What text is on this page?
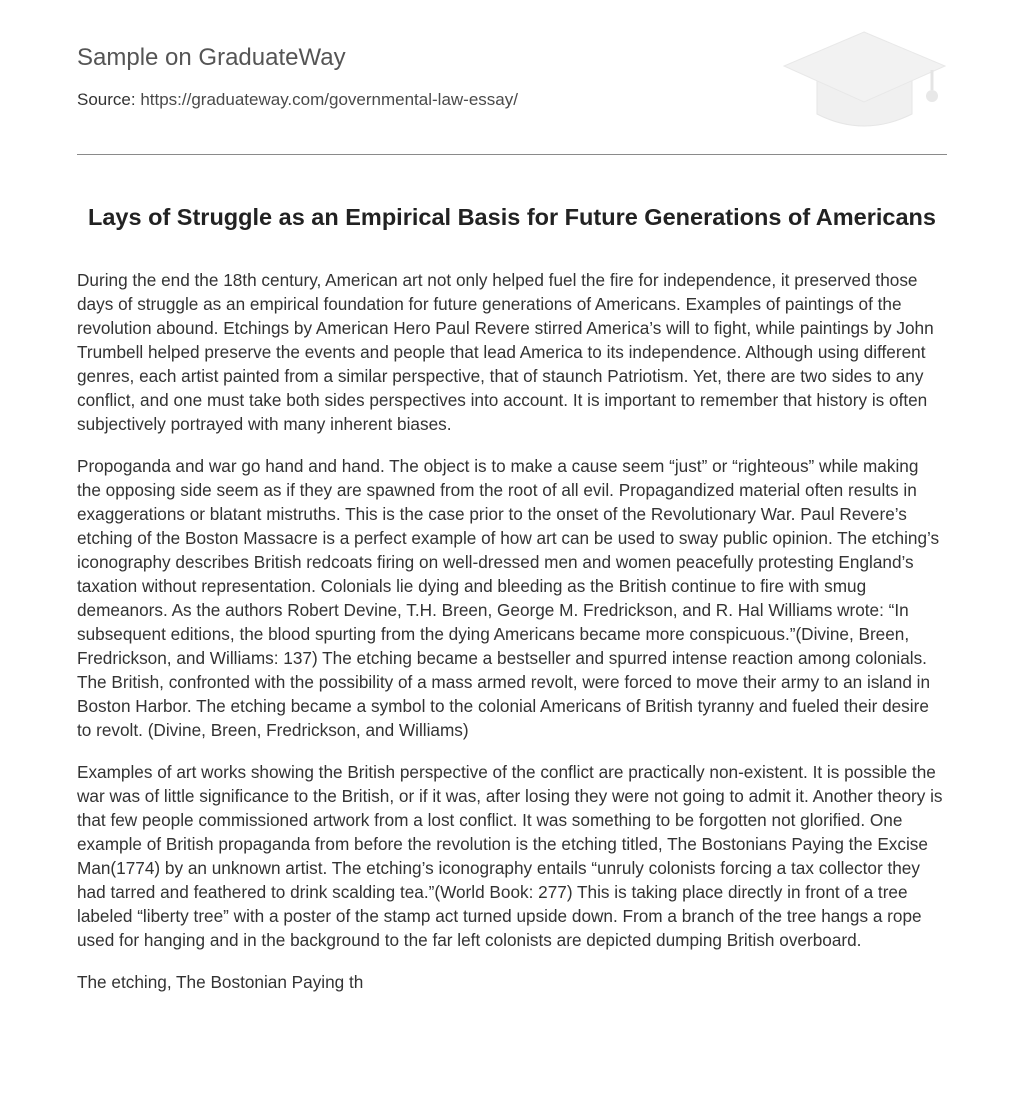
Sample on GraduateWay
Source: https://graduateway.com/governmental-law-essay/
Lays of Struggle as an Empirical Basis for Future Generations of Americans

During the end the 18th century, American art not only helped fuel the fire for independence, it preserved those days of struggle as an empirical foundation for future generations of Americans. Examples of paintings of the revolution abound. Etchings by American Hero Paul Revere stirred America’s will to fight, while paintings by John Trumbell helped preserve the events and people that lead America to its independence. Although using different genres, each artist painted from a similar perspective, that of staunch Patriotism. Yet, there are two sides to any conflict, and one must take both sides perspectives into account. It is important to remember that history is often subjectively portrayed with many inherent biases.

Propoganda and war go hand and hand. The object is to make a cause seem “just” or “righteous” while making the opposing side seem as if they are spawned from the root of all evil. Propagandized material often results in exaggerations or blatant mistruths. This is the case prior to the onset of the Revolutionary War. Paul Revere’s etching of the Boston Massacre is a perfect example of how art can be used to sway public opinion. The etching’s iconography describes British redcoats firing on well-dressed men and women peacefully protesting England’s taxation without representation. Colonials lie dying and bleeding as the British continue to fire with smug demeanors. As the authors Robert Devine, T.H. Breen, George M. Fredrickson, and R. Hal Williams wrote: “In subsequent editions, the blood spurting from the dying Americans became more conspicuous.”(Divine, Breen, Fredrickson, and Williams: 137) The etching became a bestseller and spurred intense reaction among colonials. The British, confronted with the possibility of a mass armed revolt, were forced to move their army to an island in Boston Harbor. The etching became a symbol to the colonial Americans of British tyranny and fueled their desire to revolt. (Divine, Breen, Fredrickson, and Williams)

Examples of art works showing the British perspective of the conflict are practically non-existent. It is possible the war was of little significance to the British, or if it was, after losing they were not going to admit it. Another theory is that few people commissioned artwork from a lost conflict. It was something to be forgotten not glorified. One example of British propaganda from before the revolution is the etching titled, The Bostonians Paying the Excise Man(1774) by an unknown artist. The etching’s iconography entails “unruly colonists forcing a tax collector they had tarred and feathered to drink scalding tea.”(World Book: 277) This is taking place directly in front of a tree labeled “liberty tree” with a poster of the stamp act turned upside down. From a branch of the tree hangs a rope used for hanging and in the background to the far left colonists are depicted dumping British overboard.

The etching, The Bostonian Paying th
